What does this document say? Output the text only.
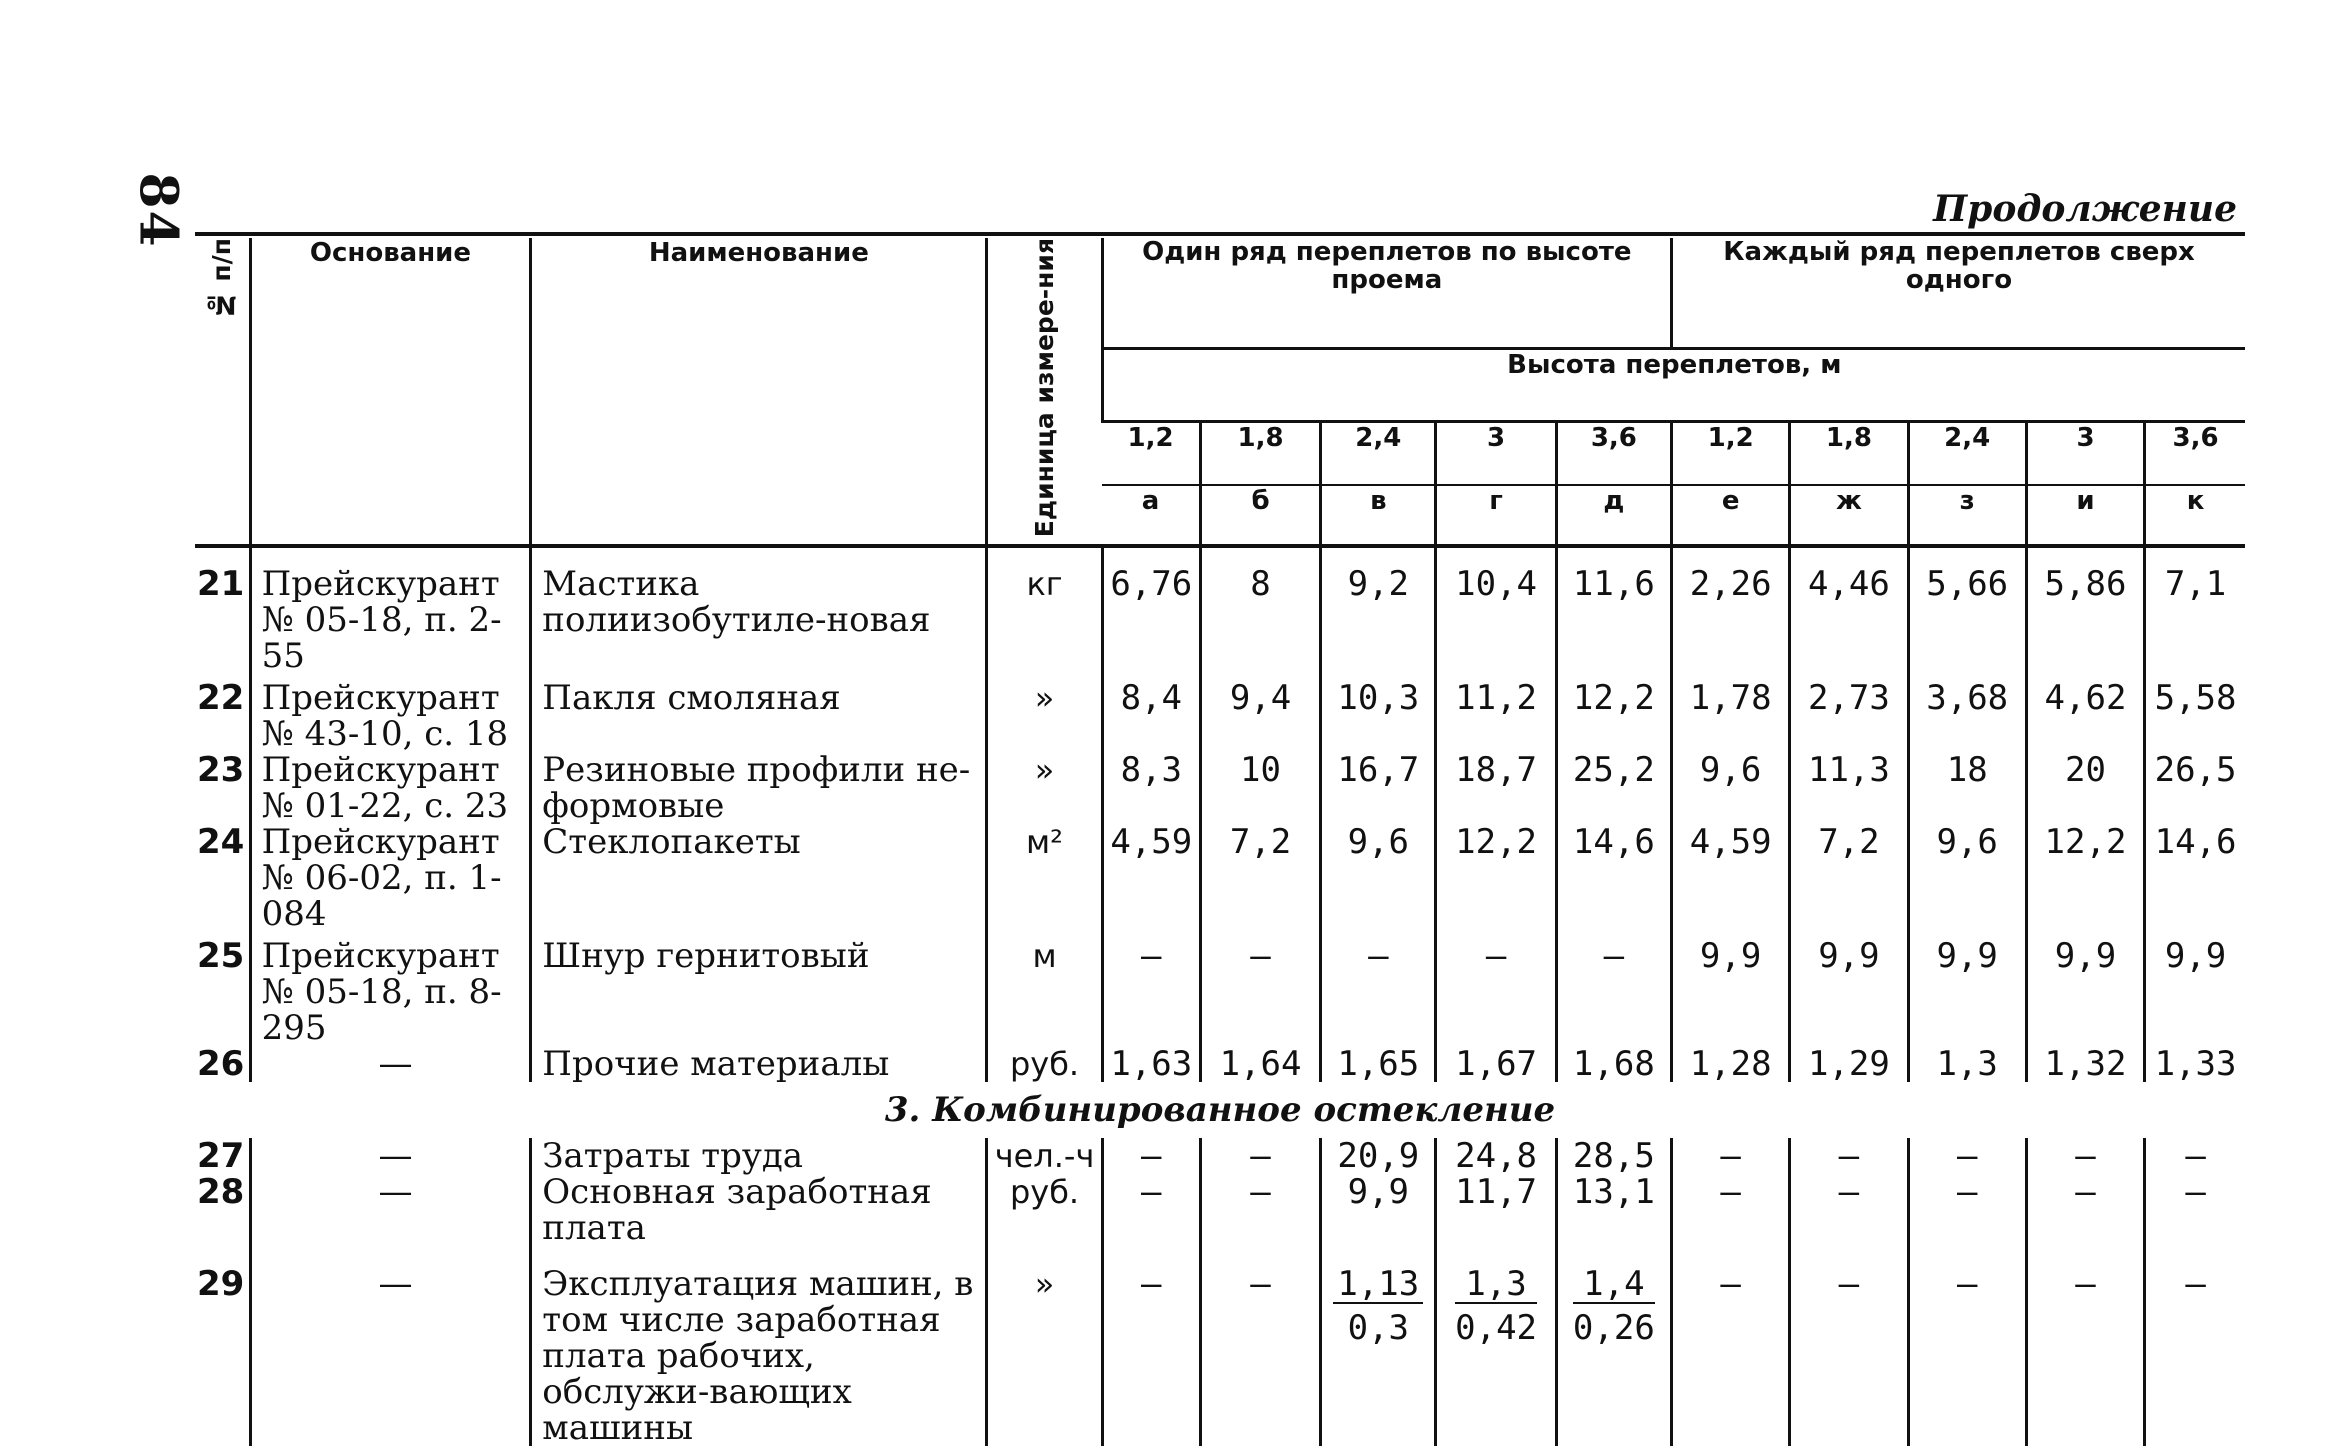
84	Продолжение
№ п/п	Основание	Наименование	Единица измере-ния	Один ряд переплетов по высоте проема					Каждый ряд переплетов сверх одного				
				Высота переплетов, м									
				1,2	1,8	2,4	3	3,6	1,2	1,8	2,4	3	3,6
				а	б	в	г	д	е	ж	з	и	к
21	Прейскурант № 05-18, п. 2-55	Мастика полиизобутиле-новая	кг	6,76	8	9,2	10,4	11,6	2,26	4,46	5,66	5,86	7,1
22	Прейскурант № 43-10, с. 18	Пакля смоляная	»	8,4	9,4	10,3	11,2	12,2	1,78	2,73	3,68	4,62	5,58
23	Прейскурант № 01-22, с. 23	Резиновые профили не-формовые	»	8,3	10	16,7	18,7	25,2	9,6	11,3	18	20	26,5
24	Прейскурант № 06-02, п. 1-084	Стеклопакеты	м²	4,59	7,2	9,6	12,2	14,6	4,59	7,2	9,6	12,2	14,6
25	Прейскурант № 05-18, п. 8-295	Шнур гернитовый	м	—	—	—	—	—	9,9	9,9	9,9	9,9	9,9
26	—	Прочие материалы	руб.	1,63	1,64	1,65	1,67	1,68	1,28	1,29	1,3	1,32	1,33
3. Комбинированное остекление													
27	—	Затраты труда	чел.-ч	—	—	20,9	24,8	28,5	—	—	—	—	—
28	—	Основная заработная плата	руб.	—	—	9,9	11,7	13,1	—	—	—	—	—
29	—	Эксплуатация машин, в том числе заработная плата рабочих, обслужи-вающих машины	»	—	—	$\frac{1,13}{0,3}$	$\frac{1,3}{0,42}$	$\frac{1,4}{0,26}$	—	—	—	—	—
